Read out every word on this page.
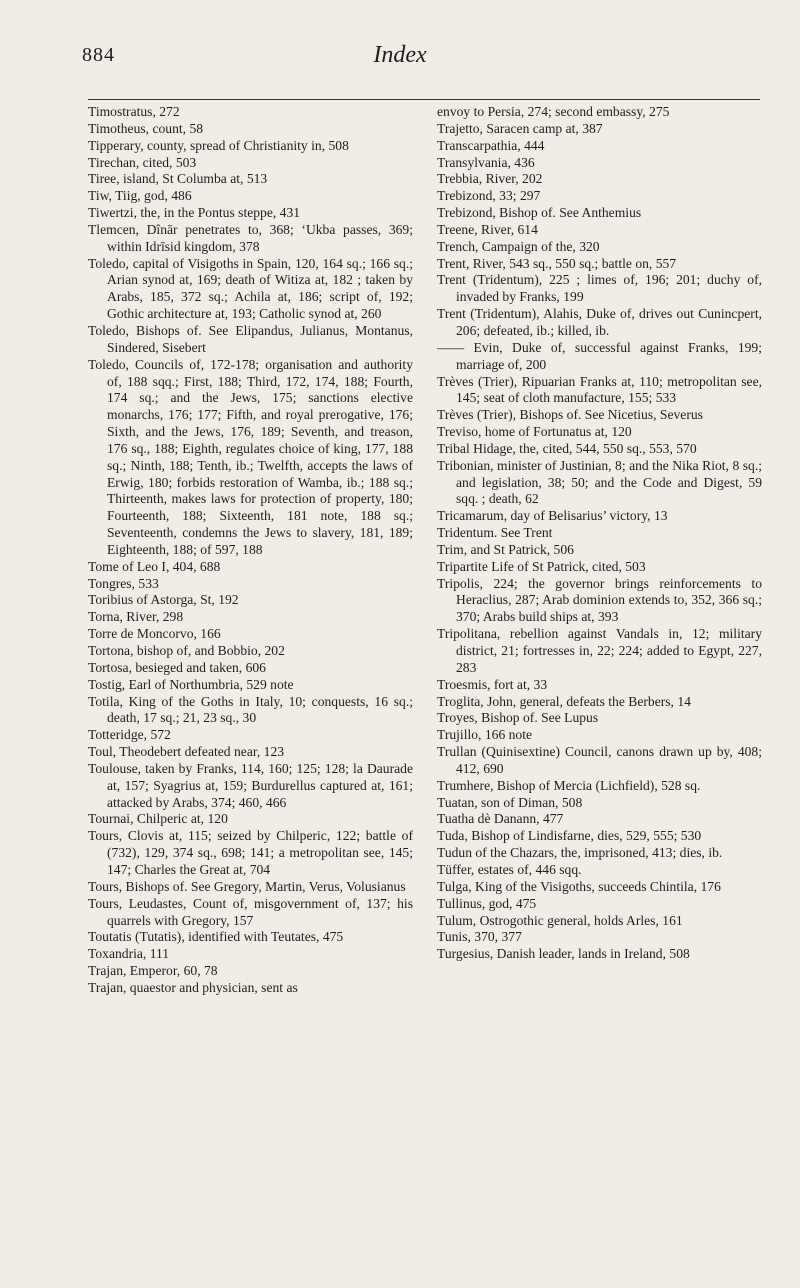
884	Index

Timostratus, 272

Timotheus, count, 58

Tipperary, county, spread of Christianity in, 508

Tirechan, cited, 503

Tiree, island, St Columba at, 513

Tiw, Tiig, god, 486

Tiwertzi, the, in the Pontus steppe, 431

Tlemcen, Dînār penetrates to, 368; ‘Ukba passes, 369; within Idrīsid kingdom, 378

Toledo, capital of Visigoths in Spain, 120, 164 sq.; 166 sq.; Arian synod at, 169; death of Witiza at, 182 ; taken by Arabs, 185, 372 sq.; Achila at, 186; script of, 192; Gothic architecture at, 193; Catholic synod at, 260

Toledo, Bishops of. See Elipandus, Julianus, Montanus, Sindered, Sisebert

Toledo, Councils of, 172-178; organisation and authority of, 188 sqq.; First, 188; Third, 172, 174, 188; Fourth, 174 sq.; and the Jews, 175; sanctions elective monarchs, 176; 177; Fifth, and royal prerogative, 176; Sixth, and the Jews, 176, 189; Seventh, and treason, 176 sq., 188; Eighth, regulates choice of king, 177, 188 sq.; Ninth, 188; Tenth, ib.; Twelfth, accepts the laws of Erwig, 180; forbids restoration of Wamba, ib.; 188 sq.; Thirteenth, makes laws for protection of property, 180; Fourteenth, 188; Sixteenth, 181 note, 188 sq.; Seventeenth, condemns the Jews to slavery, 181, 189; Eighteenth, 188; of 597, 188

Tome of Leo I, 404, 688

Tongres, 533

Toribius of Astorga, St, 192

Torna, River, 298

Torre de Moncorvo, 166

Tortona, bishop of, and Bobbio, 202

Tortosa, besieged and taken, 606

Tostig, Earl of Northumbria, 529 note

Totila, King of the Goths in Italy, 10; conquests, 16 sq.; death, 17 sq.; 21, 23 sq., 30

Totteridge, 572

Toul, Theodebert defeated near, 123

Toulouse, taken by Franks, 114, 160; 125; 128; la Daurade at, 157; Syagrius at, 159; Burdurellus captured at, 161; attacked by Arabs, 374; 460, 466

Tournai, Chilperic at, 120

Tours, Clovis at, 115; seized by Chilperic, 122; battle of (732), 129, 374 sq., 698; 141; a metropolitan see, 145; 147; Charles the Great at, 704

Tours, Bishops of. See Gregory, Martin, Verus, Volusianus

Tours, Leudastes, Count of, misgovernment of, 137; his quarrels with Gregory, 157

Toutatis (Tutatis), identified with Teutates, 475

Toxandria, 111

Trajan, Emperor, 60, 78

Trajan, quaestor and physician, sent as

envoy to Persia, 274; second embassy, 275

Trajetto, Saracen camp at, 387

Transcarpathia, 444

Transylvania, 436

Trebbia, River, 202

Trebizond, 33; 297

Trebizond, Bishop of. See Anthemius

Treene, River, 614

Trench, Campaign of the, 320

Trent, River, 543 sq., 550 sq.; battle on, 557

Trent (Tridentum), 225 ; limes of, 196; 201; duchy of, invaded by Franks, 199

Trent (Tridentum), Alahis, Duke of, drives out Cunincpert, 206; defeated, ib.; killed, ib.

—— Evin, Duke of, successful against Franks, 199; marriage of, 200

Trèves (Trier), Ripuarian Franks at, 110; metropolitan see, 145; seat of cloth manufacture, 155; 533

Trèves (Trier), Bishops of. See Nicetius, Severus

Treviso, home of Fortunatus at, 120

Tribal Hidage, the, cited, 544, 550 sq., 553, 570

Tribonian, minister of Justinian, 8; and the Nika Riot, 8 sq.; and legislation, 38; 50; and the Code and Digest, 59 sqq. ; death, 62

Tricamarum, day of Belisarius’ victory, 13

Tridentum. See Trent

Trim, and St Patrick, 506

Tripartite Life of St Patrick, cited, 503

Tripolis, 224; the governor brings reinforcements to Heraclius, 287; Arab dominion extends to, 352, 366 sq.; 370; Arabs build ships at, 393

Tripolitana, rebellion against Vandals in, 12; military district, 21; fortresses in, 22; 224; added to Egypt, 227, 283

Troesmis, fort at, 33

Troglita, John, general, defeats the Berbers, 14

Troyes, Bishop of. See Lupus

Trujillo, 166 note

Trullan (Quinisextine) Council, canons drawn up by, 408; 412, 690

Trumhere, Bishop of Mercia (Lichfield), 528 sq.

Tuatan, son of Diman, 508

Tuatha dè Danann, 477

Tuda, Bishop of Lindisfarne, dies, 529, 555; 530

Tudun of the Chazars, the, imprisoned, 413; dies, ib.

Tüffer, estates of, 446 sqq.

Tulga, King of the Visigoths, succeeds Chintila, 176

Tullinus, god, 475

Tulum, Ostrogothic general, holds Arles, 161

Tunis, 370, 377

Turgesius, Danish leader, lands in Ireland, 508
